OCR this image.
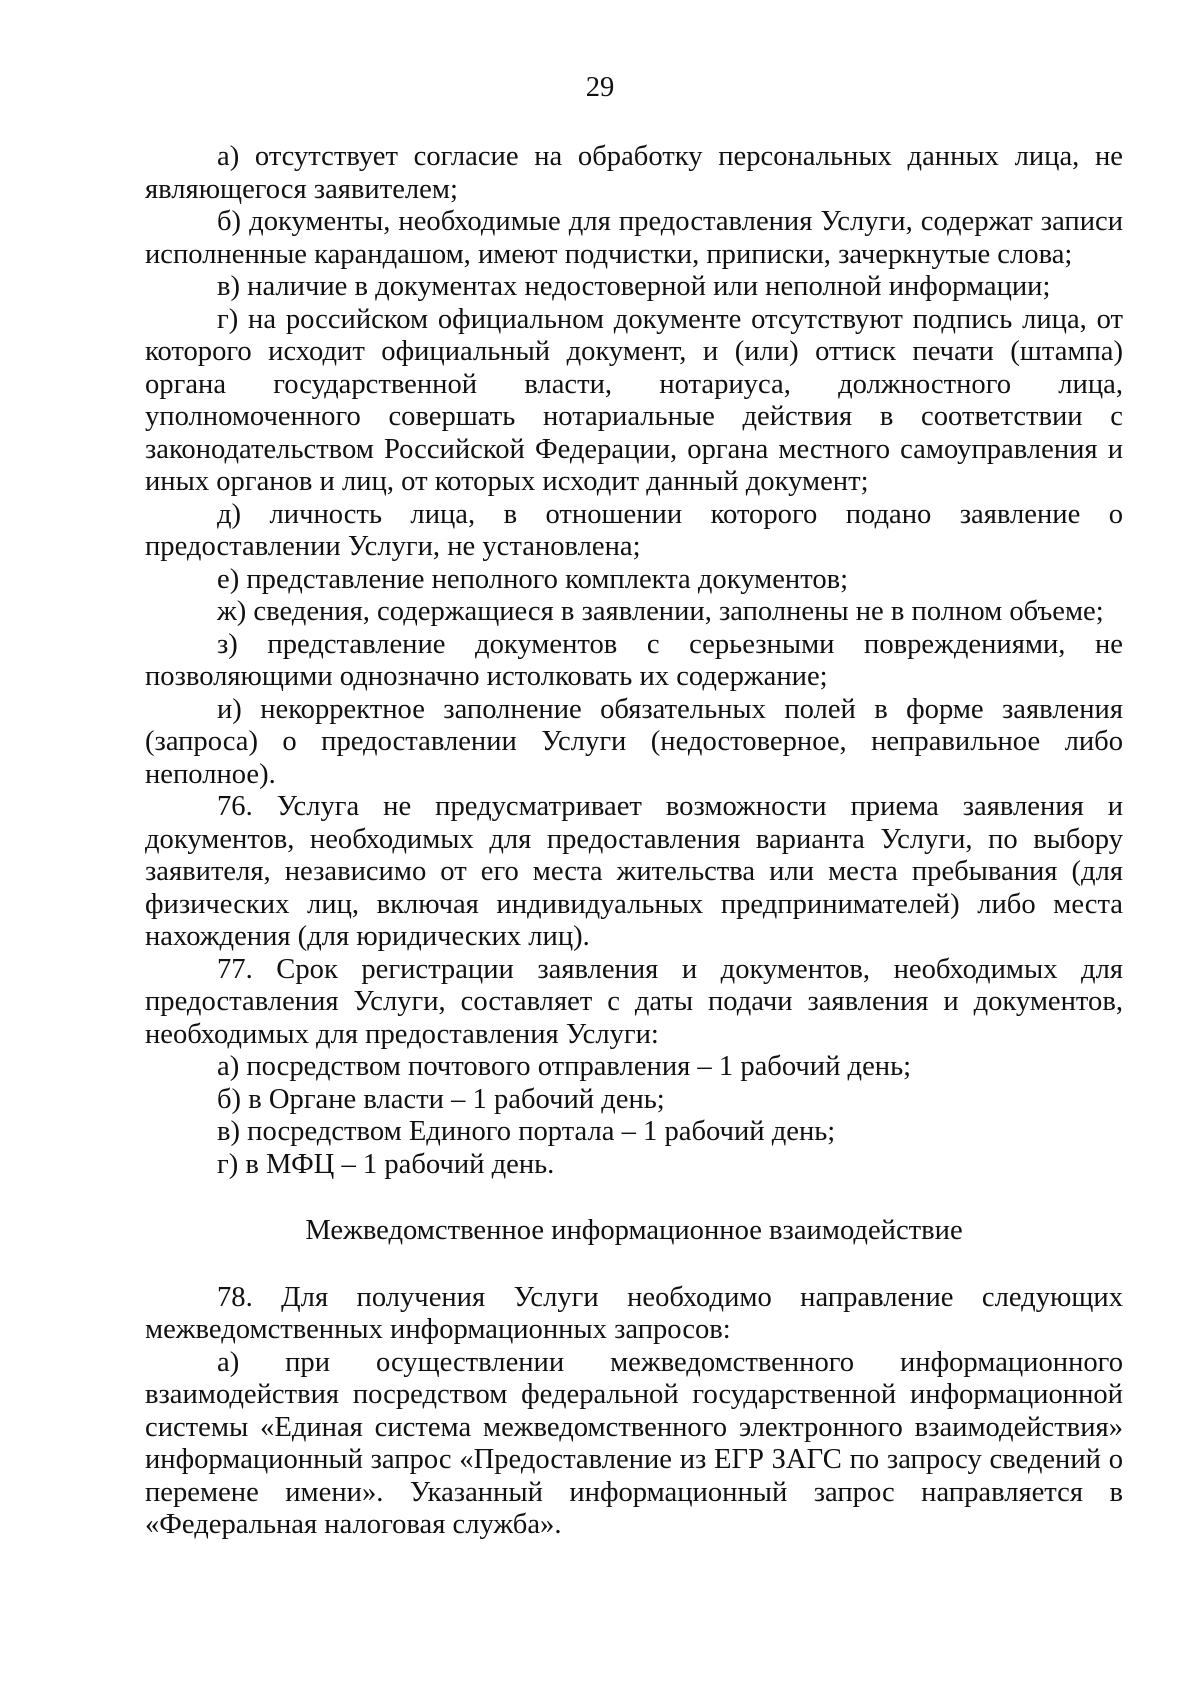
29

а) отсутствует согласие на обработку персональных данных лица, не являющегося заявителем;

б) документы, необходимые для предоставления Услуги, содержат записи исполненные карандашом, имеют подчистки, приписки, зачеркнутые слова;

в) наличие в документах недостоверной или неполной информации;

г) на российском официальном документе отсутствуют подпись лица, от которого исходит официальный документ, и (или) оттиск печати (штампа) органа государственной власти, нотариуса, должностного лица, уполномоченного совершать нотариальные действия в соответствии с законодательством Российской Федерации, органа местного самоуправления и иных органов и лиц, от которых исходит данный документ;

д) личность лица, в отношении которого подано заявление о предоставлении Услуги, не установлена;

е) представление неполного комплекта документов;

ж) сведения, содержащиеся в заявлении, заполнены не в полном объеме;

з) представление документов с серьезными повреждениями, не позволяющими однозначно истолковать их содержание;

и) некорректное заполнение обязательных полей в форме заявления (запроса) о предоставлении Услуги (недостоверное, неправильное либо неполное).

76. Услуга не предусматривает возможности приема заявления и документов, необходимых для предоставления варианта Услуги, по выбору заявителя, независимо от его места жительства или места пребывания (для физических лиц, включая индивидуальных предпринимателей) либо места нахождения (для юридических лиц).

77. Срок регистрации заявления и документов, необходимых для предоставления Услуги, составляет с даты подачи заявления и документов, необходимых для предоставления Услуги:

а) посредством почтового отправления – 1 рабочий день;

б) в Органе власти – 1 рабочий день;

в) посредством Единого портала – 1 рабочий день;

г) в МФЦ – 1 рабочий день.

Межведомственное информационное взаимодействие

78. Для получения Услуги необходимо направление следующих межведомственных информационных запросов:

а) при осуществлении межведомственного информационного взаимодействия посредством федеральной государственной информационной системы «Единая система межведомственного электронного взаимодействия» информационный запрос «Предоставление из ЕГР ЗАГС по запросу сведений о перемене имени». Указанный информационный запрос направляется в «Федеральная налоговая служба».
